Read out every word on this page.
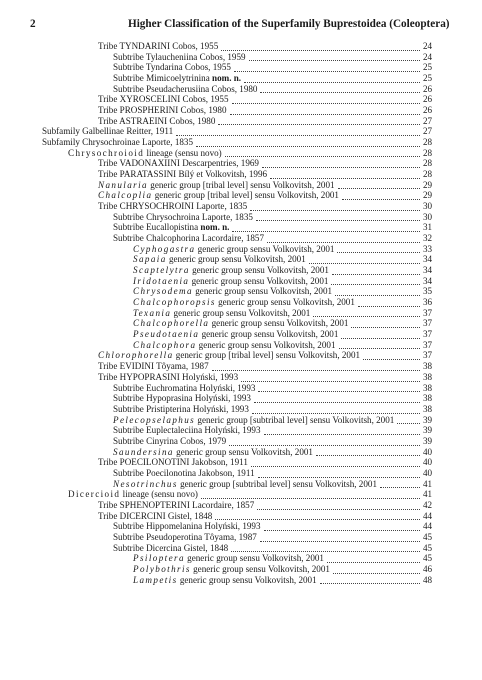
2	Higher Classification of the Superfamily Buprestoidea (Coleoptera)
Tribe TYNDARINI Cobos, 1955	24
Subtribe Tylaucheniina Cobos, 1959	24
Subtribe Tyndarina Cobos, 1955	25
Subtribe Mimicoelytrinina nom. n.	25
Subtribe Pseudacherusiina Cobos, 1980	26
Tribe XYROSCELINI Cobos, 1955	26
Tribe PROSPHERINI Cobos, 1980	26
Tribe ASTRAEINI Cobos, 1980	27
Subfamily Galbellinae Reitter, 1911	27
Subfamily Chrysochroinae Laporte, 1835	28
Chrysochroioid lineage (sensu novo)	28
Tribe VADONAXIINI Descarpentries, 1969	28
Tribe PARATASSINI Bílý et Volkovitsh, 1996	28
Nanularia generic group [tribal level] sensu Volkovitsh, 2001	29
Chalcoplia generic group [tribal level] sensu Volkovitsh, 2001	29
Tribe CHRYSOCHROINI Laporte, 1835	30
Subtribe Chrysochroina Laporte, 1835	30
Subtribe Eucallopistina nom. n.	31
Subtribe Chalcophorina Lacordaire, 1857	32
Cyphogastra generic group sensu Volkovitsh, 2001	33
Sapaia generic group sensu Volkovitsh, 2001	34
Scaptelytra generic group sensu Volkovitsh, 2001	34
Iridotaenia generic group sensu Volkovitsh, 2001	34
Chrysodema generic group sensu Volkovitsh, 2001	35
Chalcophoropsis generic group sensu Volkovitsh, 2001	36
Texania generic group sensu Volkovitsh, 2001	37
Chalcophorella generic group sensu Volkovitsh, 2001	37
Pseudotaenia generic group sensu Volkovitsh, 2001	37
Chalcophora generic group sensu Volkovitsh, 2001	37
Chlorophorella generic group [tribal level] sensu Volkovitsh, 2001	37
Tribe EVIDINI Tôyama, 1987	38
Tribe HYPOPRASINI Holyński, 1993	38
Subtribe Euchromatina Holyński, 1993	38
Subtribe Hypoprasina Holyński, 1993	38
Subtribe Pristipterina Holyński, 1993	38
Pelecopselaphus generic group [subtribal level] sensu Volkovitsh, 2001	39
Subtribe Euplectaleciina Holyński, 1993	39
Subtribe Cinyrina Cobos, 1979	39
Saundersina generic group sensu Volkovitsh, 2001	40
Tribe POECILONOTINI Jakobson, 1911	40
Subtribe Poecilonotina Jakobson, 1911	40
Nesotrinchus generic group [subtribal level] sensu Volkovitsh, 2001	41
Dicercioid lineage (sensu novo)	41
Tribe SPHENOPTERINI Lacordaire, 1857	42
Tribe DICERCINI Gistel, 1848	44
Subtribe Hippomelanina Holyński, 1993	44
Subtribe Pseudoperotina Tôyama, 1987	45
Subtribe Dicercina Gistel, 1848	45
Psiloptera generic group sensu Volkovitsh, 2001	45
Polybothris generic group sensu Volkovitsh, 2001	46
Lampetis generic group sensu Volkovitsh, 2001	48
